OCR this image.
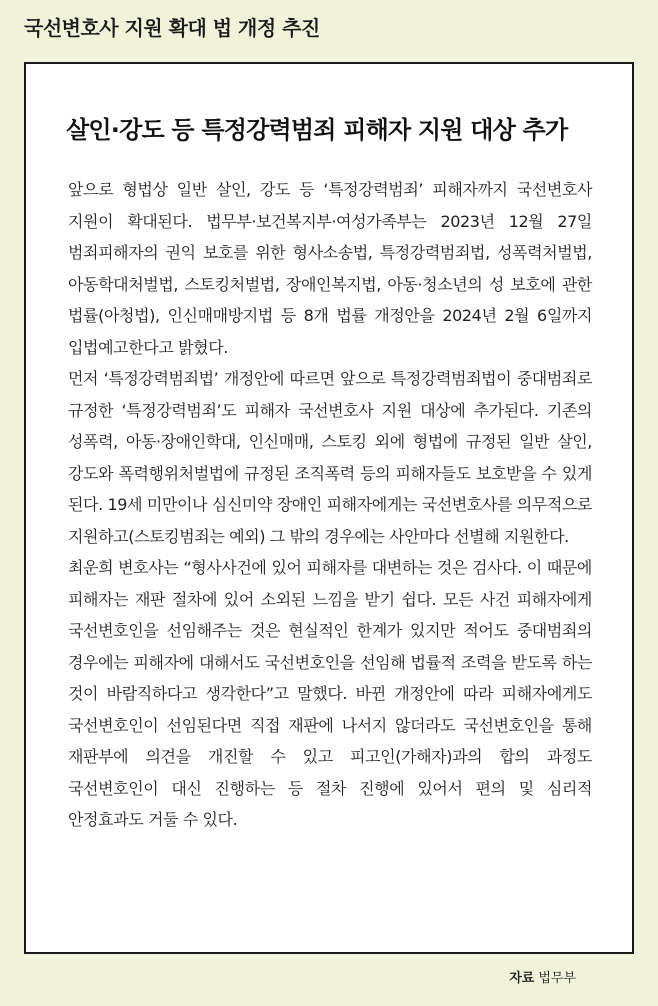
국선변호사 지원 확대 법 개정 추진
살인·강도 등 특정강력범죄 피해자 지원 대상 추가

앞으로 형법상 일반 살인, 강도 등 ‘특정강력범죄’ 피해자까지 국선변호사 지원이 확대된다. 법무부·보건복지부·여성가족부는 2023년 12월 27일 범죄피해자의 권익 보호를 위한 형사소송법, 특정강력범죄법, 성폭력처벌법, 아동학대처벌법, 스토킹처벌법, 장애인복지법, 아동·청소년의 성 보호에 관한 법률(아청법), 인신매매방지법 등 8개 법률 개정안을 2024년 2월 6일까지 입법예고한다고 밝혔다.

먼저 ‘특정강력범죄법’ 개정안에 따르면 앞으로 특정강력범죄법이 중대범죄로 규정한 ‘특정강력범죄’도 피해자 국선변호사 지원 대상에 추가된다. 기존의 성폭력, 아동·장애인학대, 인신매매, 스토킹 외에 형법에 규정된 일반 살인, 강도와 폭력행위처벌법에 규정된 조직폭력 등의 피해자들도 보호받을 수 있게 된다. 19세 미만이나 심신미약 장애인 피해자에게는 국선변호사를 의무적으로 지원하고(스토킹범죄는 예외) 그 밖의 경우에는 사안마다 선별해 지원한다.

최운희 변호사는 “형사사건에 있어 피해자를 대변하는 것은 검사다. 이 때문에 피해자는 재판 절차에 있어 소외된 느낌을 받기 쉽다. 모든 사건 피해자에게 국선변호인을 선임해주는 것은 현실적인 한계가 있지만 적어도 중대범죄의 경우에는 피해자에 대해서도 국선변호인을 선임해 법률적 조력을 받도록 하는 것이 바람직하다고 생각한다”고 말했다. 바뀐 개정안에 따라 피해자에게도 국선변호인이 선임된다면 직접 재판에 나서지 않더라도 국선변호인을 통해 재판부에 의견을 개진할 수 있고 피고인(가해자)과의 합의 과정도 국선변호인이 대신 진행하는 등 절차 진행에 있어서 편의 및 심리적 안정효과도 거둘 수 있다.

자료 법무부
